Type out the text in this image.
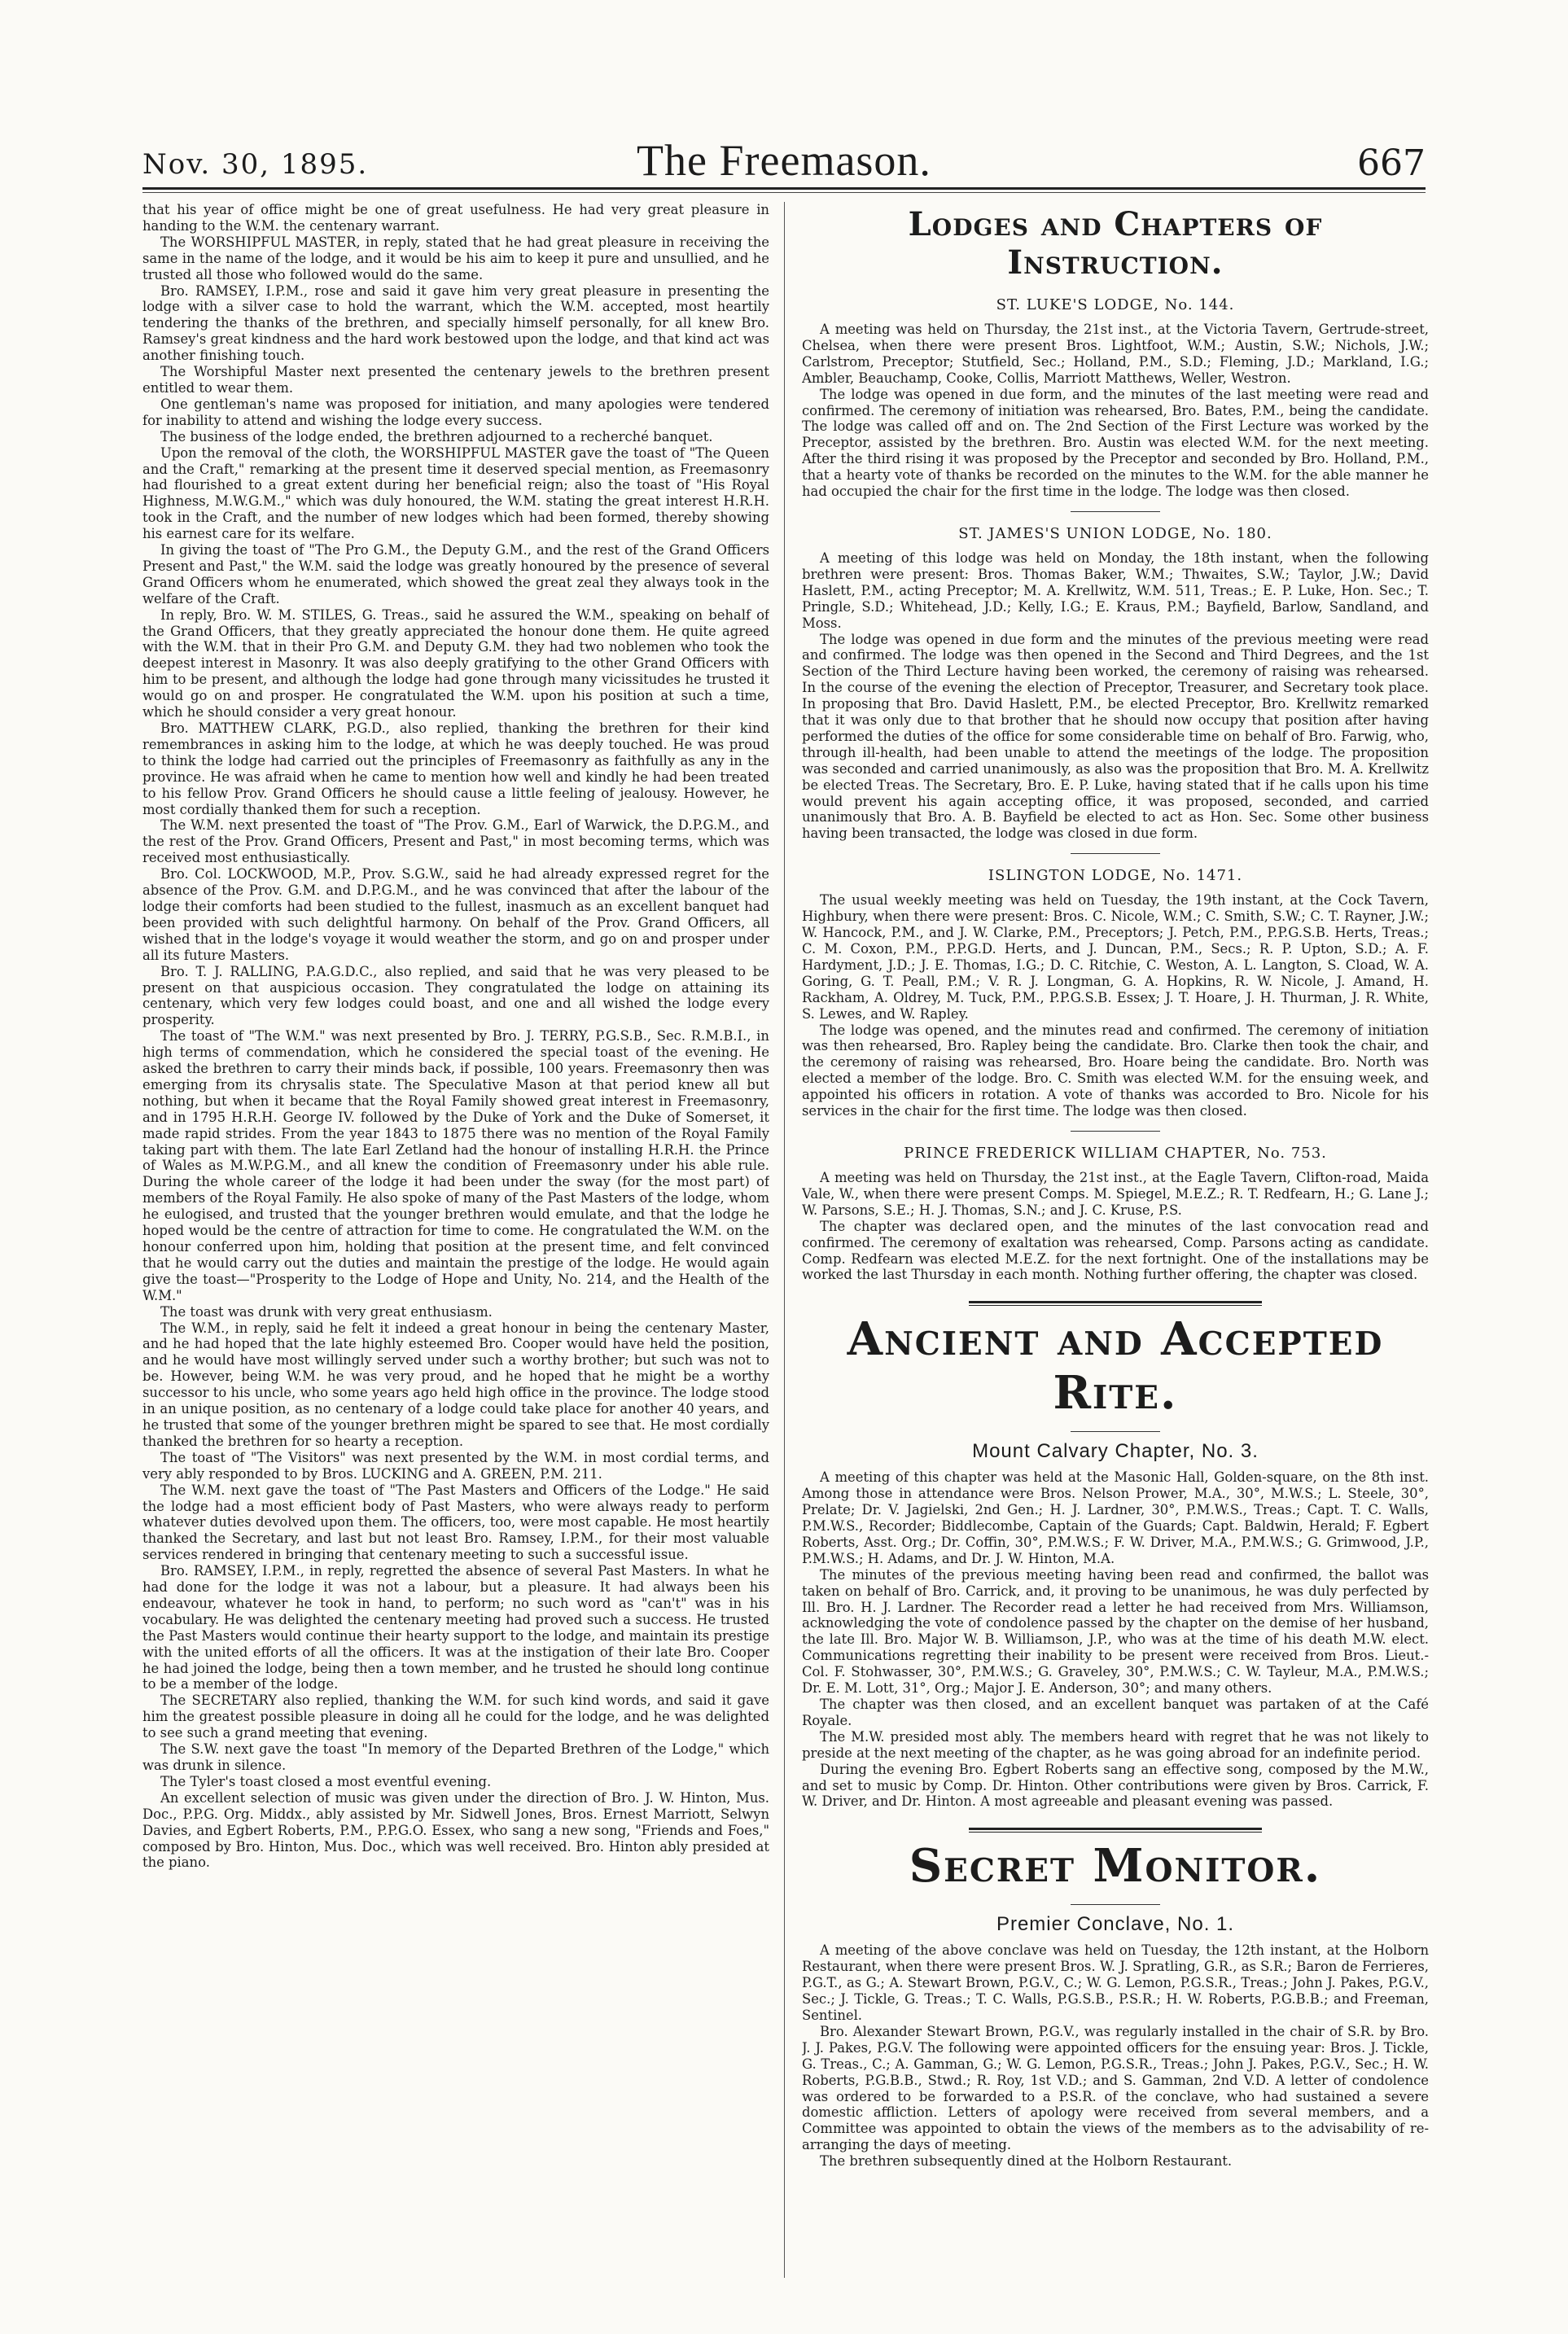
Nov. 30, 1895.	The Freemason.	667

that his year of office might be one of great usefulness. He had very great pleasure in handing to the W.M. the centenary warrant.

The WORSHIPFUL MASTER, in reply, stated that he had great pleasure in receiving the same in the name of the lodge, and it would be his aim to keep it pure and unsullied, and he trusted all those who followed would do the same.

Bro. RAMSEY, I.P.M., rose and said it gave him very great pleasure in presenting the lodge with a silver case to hold the warrant, which the W.M. accepted, most heartily tendering the thanks of the brethren, and specially himself personally, for all knew Bro. Ramsey's great kindness and the hard work bestowed upon the lodge, and that kind act was another finishing touch.

The Worshipful Master next presented the centenary jewels to the brethren present entitled to wear them.

One gentleman's name was proposed for initiation, and many apologies were tendered for inability to attend and wishing the lodge every success.

The business of the lodge ended, the brethren adjourned to a recherché banquet.

Upon the removal of the cloth, the WORSHIPFUL MASTER gave the toast of "The Queen and the Craft," remarking at the present time it deserved special mention, as Freemasonry had flourished to a great extent during her beneficial reign; also the toast of "His Royal Highness, M.W.G.M.," which was duly honoured, the W.M. stating the great interest H.R.H. took in the Craft, and the number of new lodges which had been formed, thereby showing his earnest care for its welfare.

In giving the toast of "The Pro G.M., the Deputy G.M., and the rest of the Grand Officers Present and Past," the W.M. said the lodge was greatly honoured by the presence of several Grand Officers whom he enumerated, which showed the great zeal they always took in the welfare of the Craft.

In reply, Bro. W. M. STILES, G. Treas., said he assured the W.M., speaking on behalf of the Grand Officers, that they greatly appreciated the honour done them. He quite agreed with the W.M. that in their Pro G.M. and Deputy G.M. they had two noblemen who took the deepest interest in Masonry. It was also deeply gratifying to the other Grand Officers with him to be present, and although the lodge had gone through many vicissitudes he trusted it would go on and prosper. He congratulated the W.M. upon his position at such a time, which he should consider a very great honour.

Bro. MATTHEW CLARK, P.G.D., also replied, thanking the brethren for their kind remembrances in asking him to the lodge, at which he was deeply touched. He was proud to think the lodge had carried out the principles of Freemasonry as faithfully as any in the province. He was afraid when he came to mention how well and kindly he had been treated to his fellow Prov. Grand Officers he should cause a little feeling of jealousy. However, he most cordially thanked them for such a reception.

The W.M. next presented the toast of "The Prov. G.M., Earl of Warwick, the D.P.G.M., and the rest of the Prov. Grand Officers, Present and Past," in most becoming terms, which was received most enthusiastically.

Bro. Col. LOCKWOOD, M.P., Prov. S.G.W., said he had already expressed regret for the absence of the Prov. G.M. and D.P.G.M., and he was convinced that after the labour of the lodge their comforts had been studied to the fullest, inasmuch as an excellent banquet had been provided with such delightful harmony. On behalf of the Prov. Grand Officers, all wished that in the lodge's voyage it would weather the storm, and go on and prosper under all its future Masters.

Bro. T. J. RALLING, P.A.G.D.C., also replied, and said that he was very pleased to be present on that auspicious occasion. They congratulated the lodge on attaining its centenary, which very few lodges could boast, and one and all wished the lodge every prosperity.

The toast of "The W.M." was next presented by Bro. J. TERRY, P.G.S.B., Sec. R.M.B.I., in high terms of commendation, which he considered the special toast of the evening. He asked the brethren to carry their minds back, if possible, 100 years. Freemasonry then was emerging from its chrysalis state. The Speculative Mason at that period knew all but nothing, but when it became that the Royal Family showed great interest in Freemasonry, and in 1795 H.R.H. George IV. followed by the Duke of York and the Duke of Somerset, it made rapid strides. From the year 1843 to 1875 there was no mention of the Royal Family taking part with them. The late Earl Zetland had the honour of installing H.R.H. the Prince of Wales as M.W.P.G.M., and all knew the condition of Freemasonry under his able rule. During the whole career of the lodge it had been under the sway (for the most part) of members of the Royal Family. He also spoke of many of the Past Masters of the lodge, whom he eulogised, and trusted that the younger brethren would emulate, and that the lodge he hoped would be the centre of attraction for time to come. He congratulated the W.M. on the honour conferred upon him, holding that position at the present time, and felt convinced that he would carry out the duties and maintain the prestige of the lodge. He would again give the toast—"Prosperity to the Lodge of Hope and Unity, No. 214, and the Health of the W.M."

The toast was drunk with very great enthusiasm.

The W.M., in reply, said he felt it indeed a great honour in being the centenary Master, and he had hoped that the late highly esteemed Bro. Cooper would have held the position, and he would have most willingly served under such a worthy brother; but such was not to be. However, being W.M. he was very proud, and he hoped that he might be a worthy successor to his uncle, who some years ago held high office in the province. The lodge stood in an unique position, as no centenary of a lodge could take place for another 40 years, and he trusted that some of the younger brethren might be spared to see that. He most cordially thanked the brethren for so hearty a reception.

The toast of "The Visitors" was next presented by the W.M. in most cordial terms, and very ably responded to by Bros. LUCKING and A. GREEN, P.M. 211.

The W.M. next gave the toast of "The Past Masters and Officers of the Lodge." He said the lodge had a most efficient body of Past Masters, who were always ready to perform whatever duties devolved upon them. The officers, too, were most capable. He most heartily thanked the Secretary, and last but not least Bro. Ramsey, I.P.M., for their most valuable services rendered in bringing that centenary meeting to such a successful issue.

Bro. RAMSEY, I.P.M., in reply, regretted the absence of several Past Masters. In what he had done for the lodge it was not a labour, but a pleasure. It had always been his endeavour, whatever he took in hand, to perform; no such word as "can't" was in his vocabulary. He was delighted the centenary meeting had proved such a success. He trusted the Past Masters would continue their hearty support to the lodge, and maintain its prestige with the united efforts of all the officers. It was at the instigation of their late Bro. Cooper he had joined the lodge, being then a town member, and he trusted he should long continue to be a member of the lodge.

The SECRETARY also replied, thanking the W.M. for such kind words, and said it gave him the greatest possible pleasure in doing all he could for the lodge, and he was delighted to see such a grand meeting that evening.

The S.W. next gave the toast "In memory of the Departed Brethren of the Lodge," which was drunk in silence.

The Tyler's toast closed a most eventful evening.

An excellent selection of music was given under the direction of Bro. J. W. Hinton, Mus. Doc., P.P.G. Org. Middx., ably assisted by Mr. Sidwell Jones, Bros. Ernest Marriott, Selwyn Davies, and Egbert Roberts, P.M., P.P.G.O. Essex, who sang a new song, "Friends and Foes," composed by Bro. Hinton, Mus. Doc., which was well received. Bro. Hinton ably presided at the piano.

Lodges and Chapters of Instruction.
ST. LUKE'S LODGE, No. 144.

A meeting was held on Thursday, the 21st inst., at the Victoria Tavern, Gertrude-street, Chelsea, when there were present Bros. Lightfoot, W.M.; Austin, S.W.; Nichols, J.W.; Carlstrom, Preceptor; Stutfield, Sec.; Holland, P.M., S.D.; Fleming, J.D.; Markland, I.G.; Ambler, Beauchamp, Cooke, Collis, Marriott Matthews, Weller, Westron.

The lodge was opened in due form, and the minutes of the last meeting were read and confirmed. The ceremony of initiation was rehearsed, Bro. Bates, P.M., being the candidate. The lodge was called off and on. The 2nd Section of the First Lecture was worked by the Preceptor, assisted by the brethren. Bro. Austin was elected W.M. for the next meeting. After the third rising it was proposed by the Preceptor and seconded by Bro. Holland, P.M., that a hearty vote of thanks be recorded on the minutes to the W.M. for the able manner he had occupied the chair for the first time in the lodge. The lodge was then closed.

ST. JAMES'S UNION LODGE, No. 180.

A meeting of this lodge was held on Monday, the 18th instant, when the following brethren were present: Bros. Thomas Baker, W.M.; Thwaites, S.W.; Taylor, J.W.; David Haslett, P.M., acting Preceptor; M. A. Krellwitz, W.M. 511, Treas.; E. P. Luke, Hon. Sec.; T. Pringle, S.D.; Whitehead, J.D.; Kelly, I.G.; E. Kraus, P.M.; Bayfield, Barlow, Sandland, and Moss.

The lodge was opened in due form and the minutes of the previous meeting were read and confirmed. The lodge was then opened in the Second and Third Degrees, and the 1st Section of the Third Lecture having been worked, the ceremony of raising was rehearsed. In the course of the evening the election of Preceptor, Treasurer, and Secretary took place. In proposing that Bro. David Haslett, P.M., be elected Preceptor, Bro. Krellwitz remarked that it was only due to that brother that he should now occupy that position after having performed the duties of the office for some considerable time on behalf of Bro. Farwig, who, through ill-health, had been unable to attend the meetings of the lodge. The proposition was seconded and carried unanimously, as also was the proposition that Bro. M. A. Krellwitz be elected Treas. The Secretary, Bro. E. P. Luke, having stated that if he calls upon his time would prevent his again accepting office, it was proposed, seconded, and carried unanimously that Bro. A. B. Bayfield be elected to act as Hon. Sec. Some other business having been transacted, the lodge was closed in due form.

ISLINGTON LODGE, No. 1471.

The usual weekly meeting was held on Tuesday, the 19th instant, at the Cock Tavern, Highbury, when there were present: Bros. C. Nicole, W.M.; C. Smith, S.W.; C. T. Rayner, J.W.; W. Hancock, P.M., and J. W. Clarke, P.M., Preceptors; J. Petch, P.M., P.P.G.S.B. Herts, Treas.; C. M. Coxon, P.M., P.P.G.D. Herts, and J. Duncan, P.M., Secs.; R. P. Upton, S.D.; A. F. Hardyment, J.D.; J. E. Thomas, I.G.; D. C. Ritchie, C. Weston, A. L. Langton, S. Cload, W. A. Goring, G. T. Peall, P.M.; V. R. J. Longman, G. A. Hopkins, R. W. Nicole, J. Amand, H. Rackham, A. Oldrey, M. Tuck, P.M., P.P.G.S.B. Essex; J. T. Hoare, J. H. Thurman, J. R. White, S. Lewes, and W. Rapley.

The lodge was opened, and the minutes read and confirmed. The ceremony of initiation was then rehearsed, Bro. Rapley being the candidate. Bro. Clarke then took the chair, and the ceremony of raising was rehearsed, Bro. Hoare being the candidate. Bro. North was elected a member of the lodge. Bro. C. Smith was elected W.M. for the ensuing week, and appointed his officers in rotation. A vote of thanks was accorded to Bro. Nicole for his services in the chair for the first time. The lodge was then closed.

PRINCE FREDERICK WILLIAM CHAPTER, No. 753.

A meeting was held on Thursday, the 21st inst., at the Eagle Tavern, Clifton-road, Maida Vale, W., when there were present Comps. M. Spiegel, M.E.Z.; R. T. Redfearn, H.; G. Lane J.; W. Parsons, S.E.; H. J. Thomas, S.N.; and J. C. Kruse, P.S.

The chapter was declared open, and the minutes of the last convocation read and confirmed. The ceremony of exaltation was rehearsed, Comp. Parsons acting as candidate. Comp. Redfearn was elected M.E.Z. for the next fortnight. One of the installations may be worked the last Thursday in each month. Nothing further offering, the chapter was closed.

Ancient and Accepted Rite.
Mount Calvary Chapter, No. 3.

A meeting of this chapter was held at the Masonic Hall, Golden-square, on the 8th inst. Among those in attendance were Bros. Nelson Prower, M.A., 30°, M.W.S.; L. Steele, 30°, Prelate; Dr. V. Jagielski, 2nd Gen.; H. J. Lardner, 30°, P.M.W.S., Treas.; Capt. T. C. Walls, P.M.W.S., Recorder; Biddlecombe, Captain of the Guards; Capt. Baldwin, Herald; F. Egbert Roberts, Asst. Org.; Dr. Coffin, 30°, P.M.W.S.; F. W. Driver, M.A., P.M.W.S.; G. Grimwood, J.P., P.M.W.S.; H. Adams, and Dr. J. W. Hinton, M.A.

The minutes of the previous meeting having been read and confirmed, the ballot was taken on behalf of Bro. Carrick, and, it proving to be unanimous, he was duly perfected by Ill. Bro. H. J. Lardner. The Recorder read a letter he had received from Mrs. Williamson, acknowledging the vote of condolence passed by the chapter on the demise of her husband, the late Ill. Bro. Major W. B. Williamson, J.P., who was at the time of his death M.W. elect. Communications regretting their inability to be present were received from Bros. Lieut.-Col. F. Stohwasser, 30°, P.M.W.S.; G. Graveley, 30°, P.M.W.S.; C. W. Tayleur, M.A., P.M.W.S.; Dr. E. M. Lott, 31°, Org.; Major J. E. Anderson, 30°; and many others.

The chapter was then closed, and an excellent banquet was partaken of at the Café Royale.

The M.W. presided most ably. The members heard with regret that he was not likely to preside at the next meeting of the chapter, as he was going abroad for an indefinite period.

During the evening Bro. Egbert Roberts sang an effective song, composed by the M.W., and set to music by Comp. Dr. Hinton. Other contributions were given by Bros. Carrick, F. W. Driver, and Dr. Hinton. A most agreeable and pleasant evening was passed.

Secret Monitor.
Premier Conclave, No. 1.

A meeting of the above conclave was held on Tuesday, the 12th instant, at the Holborn Restaurant, when there were present Bros. W. J. Spratling, G.R., as S.R.; Baron de Ferrieres, P.G.T., as G.; A. Stewart Brown, P.G.V., C.; W. G. Lemon, P.G.S.R., Treas.; John J. Pakes, P.G.V., Sec.; J. Tickle, G. Treas.; T. C. Walls, P.G.S.B., P.S.R.; H. W. Roberts, P.G.B.B.; and Freeman, Sentinel.

Bro. Alexander Stewart Brown, P.G.V., was regularly installed in the chair of S.R. by Bro. J. J. Pakes, P.G.V. The following were appointed officers for the ensuing year: Bros. J. Tickle, G. Treas., C.; A. Gamman, G.; W. G. Lemon, P.G.S.R., Treas.; John J. Pakes, P.G.V., Sec.; H. W. Roberts, P.G.B.B., Stwd.; R. Roy, 1st V.D.; and S. Gamman, 2nd V.D. A letter of condolence was ordered to be forwarded to a P.S.R. of the conclave, who had sustained a severe domestic affliction. Letters of apology were received from several members, and a Committee was appointed to obtain the views of the members as to the advisability of re-arranging the days of meeting.

The brethren subsequently dined at the Holborn Restaurant.
